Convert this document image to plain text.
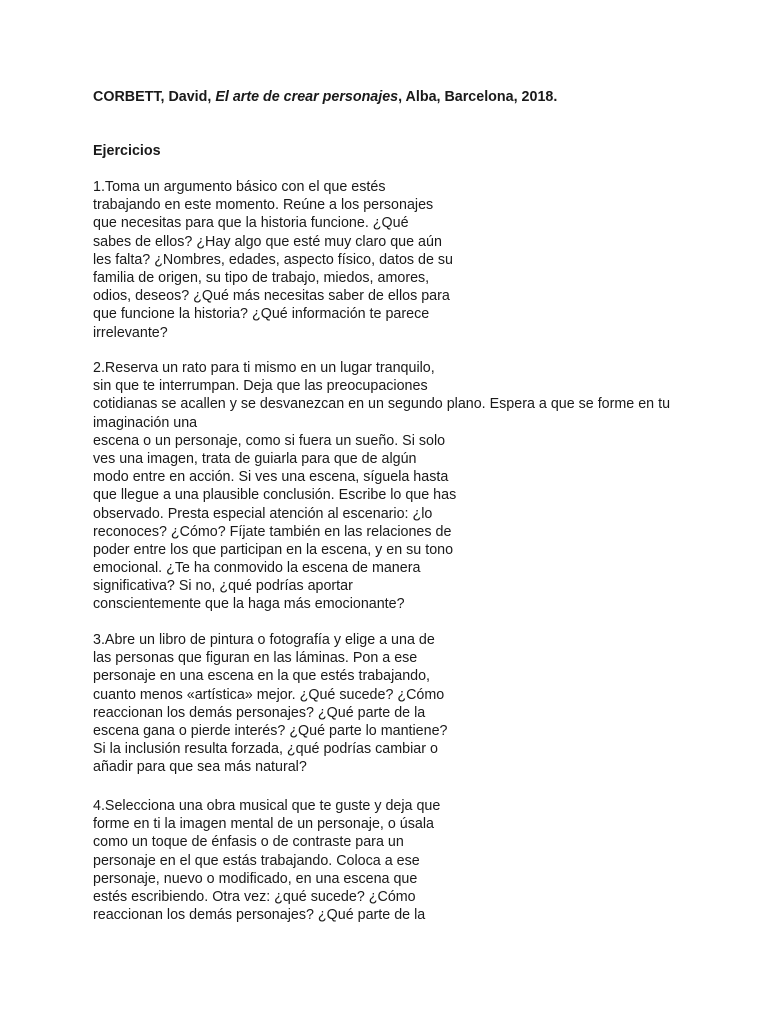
CORBETT, David, El arte de crear personajes, Alba, Barcelona, 2018.
Ejercicios
1.Toma un argumento básico con el que estés
trabajando en este momento. Reúne a los personajes
que necesitas para que la historia funcione. ¿Qué
sabes de ellos? ¿Hay algo que esté muy claro que aún
les falta? ¿Nombres, edades, aspecto físico, datos de su
familia de origen, su tipo de trabajo, miedos, amores,
odios, deseos? ¿Qué más necesitas saber de ellos para
que funcione la historia? ¿Qué información te parece
irrelevante?
2.Reserva un rato para ti mismo en un lugar tranquilo,
sin que te interrumpan. Deja que las preocupaciones
cotidianas se acallen y se desvanezcan en un segundo plano. Espera a que se forme en tu
imaginación una
escena o un personaje, como si fuera un sueño. Si solo
ves una imagen, trata de guiarla para que de algún
modo entre en acción. Si ves una escena, síguela hasta
que llegue a una plausible conclusión. Escribe lo que has
observado. Presta especial atención al escenario: ¿lo
reconoces? ¿Cómo? Fíjate también en las relaciones de
poder entre los que participan en la escena, y en su tono
emocional. ¿Te ha conmovido la escena de manera
significativa? Si no, ¿qué podrías aportar
conscientemente que la haga más emocionante?
3.Abre un libro de pintura o fotografía y elige a una de
las personas que figuran en las láminas. Pon a ese
personaje en una escena en la que estés trabajando,
cuanto menos «artística» mejor. ¿Qué sucede? ¿Cómo
reaccionan los demás personajes? ¿Qué parte de la
escena gana o pierde interés? ¿Qué parte lo mantiene?
Si la inclusión resulta forzada, ¿qué podrías cambiar o
añadir para que sea más natural?
4.Selecciona una obra musical que te guste y deja que
forme en ti la imagen mental de un personaje, o úsala
como un toque de énfasis o de contraste para un
personaje en el que estás trabajando. Coloca a ese
personaje, nuevo o modificado, en una escena que
estés escribiendo. Otra vez: ¿qué sucede? ¿Cómo
reaccionan los demás personajes? ¿Qué parte de la
